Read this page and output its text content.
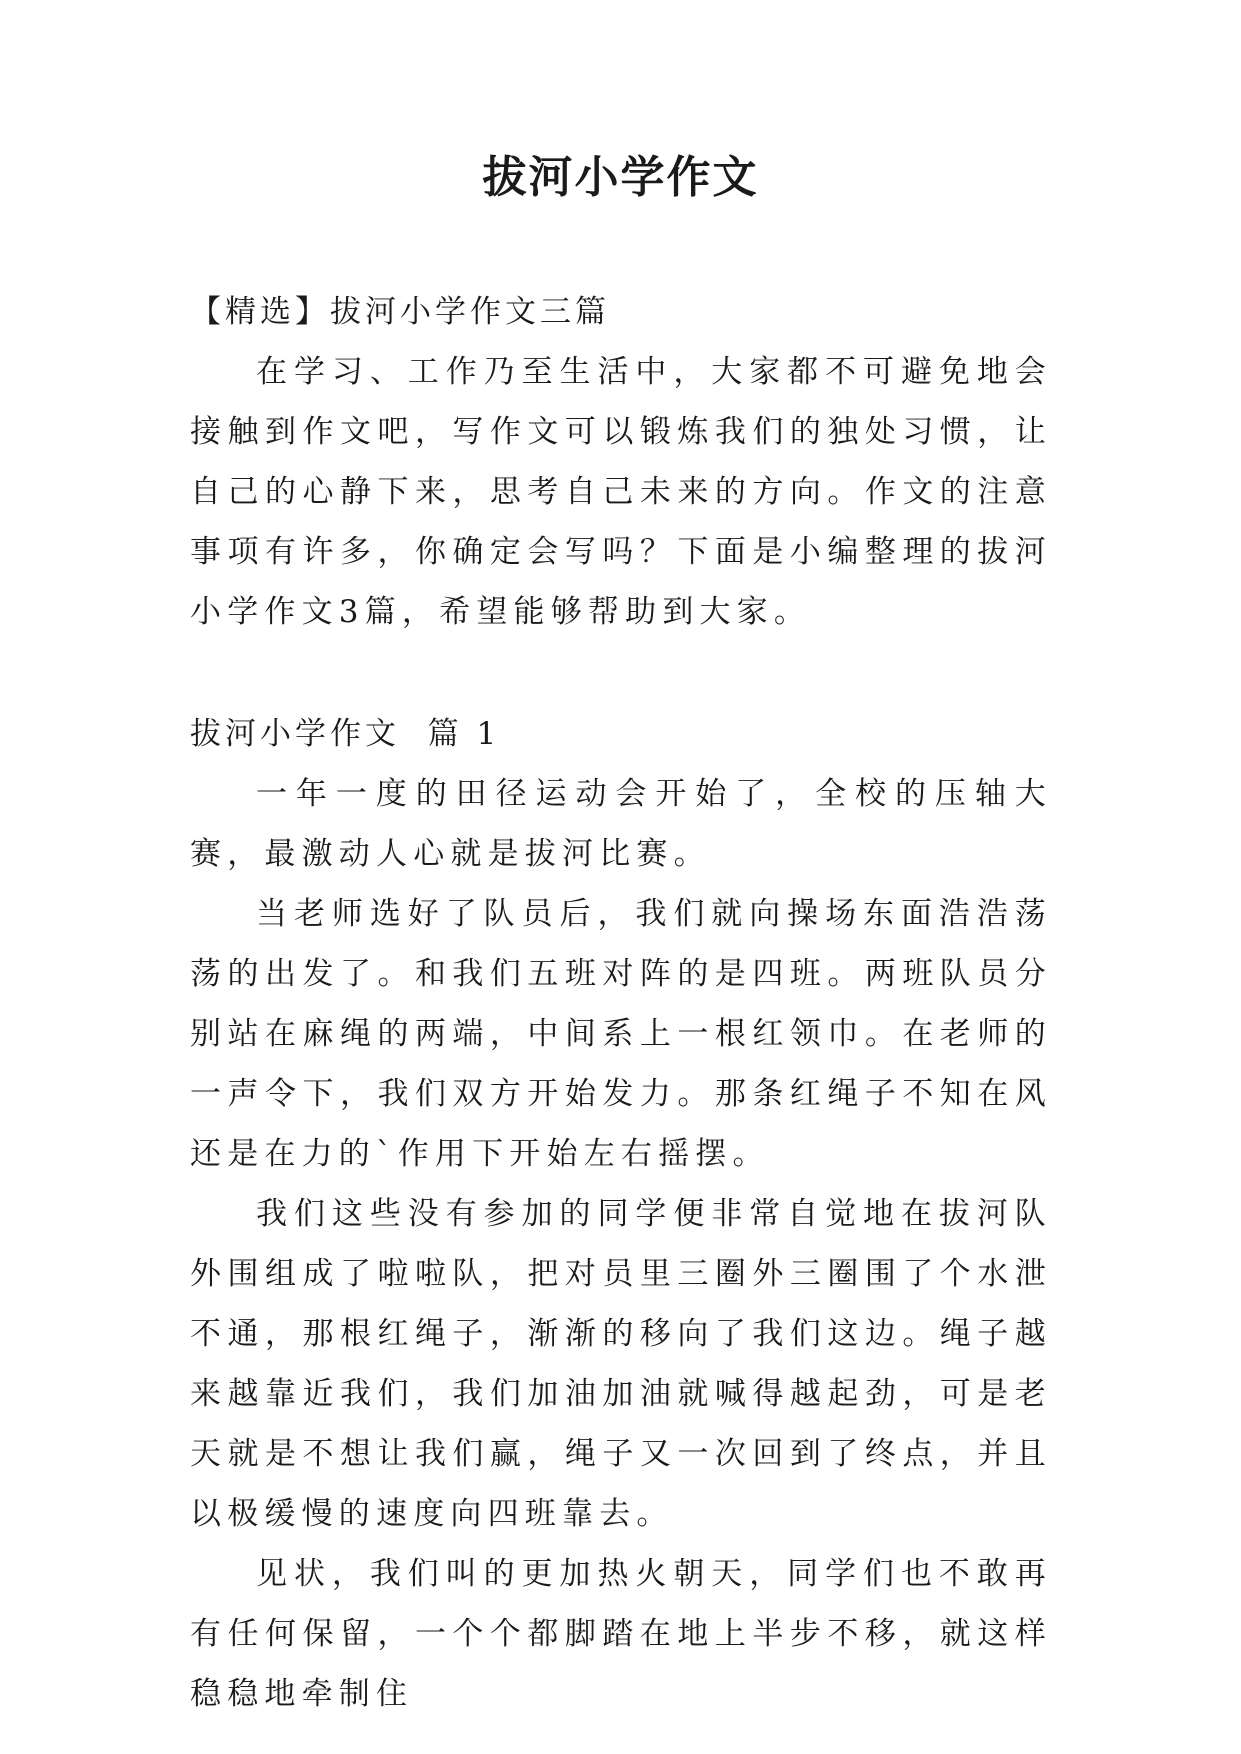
拔河小学作文

【精选】拔河小学作文三篇

在学习、工作乃至生活中，大家都不可避免地会接触到作文吧，写作文可以锻炼我们的独处习惯，让自己的心静下来，思考自己未来的方向。作文的注意事项有许多，你确定会写吗？下面是小编整理的拔河小学作文3篇，希望能够帮助到大家。

拔河小学作文  篇 1

一年一度的田径运动会开始了，全校的压轴大赛，最激动人心就是拔河比赛。

当老师选好了队员后，我们就向操场东面浩浩荡荡的出发了。和我们五班对阵的是四班。两班队员分别站在麻绳的两端，中间系上一根红领巾。在老师的一声令下，我们双方开始发力。那条红绳子不知在风还是在力的`作用下开始左右摇摆。

我们这些没有参加的同学便非常自觉地在拔河队外围组成了啦啦队，把对员里三圈外三圈围了个水泄不通，那根红绳子，渐渐的移向了我们这边。绳子越来越靠近我们，我们加油加油就喊得越起劲，可是老天就是不想让我们赢，绳子又一次回到了终点，并且以极缓慢的速度向四班靠去。

见状，我们叫的更加热火朝天，同学们也不敢再有任何保留，一个个都脚踏在地上半步不移，就这样稳稳地牵制住
